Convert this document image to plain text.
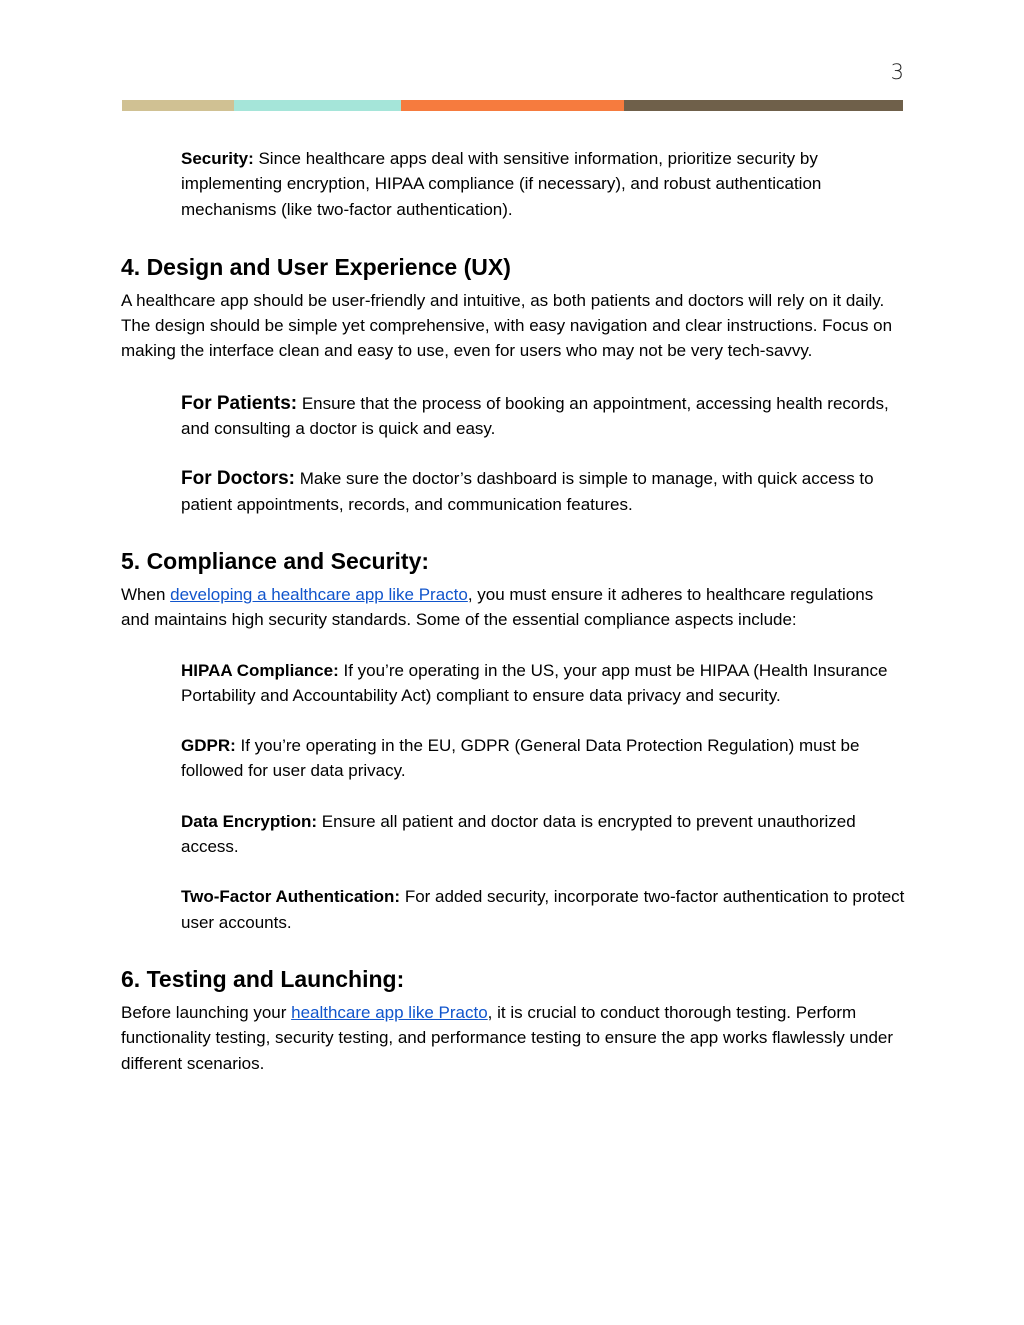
3

Security: Since healthcare apps deal with sensitive information, prioritize security by implementing encryption, HIPAA compliance (if necessary), and robust authentication mechanisms (like two-factor authentication).

4. Design and User Experience (UX)

A healthcare app should be user-friendly and intuitive, as both patients and doctors will rely on it daily. The design should be simple yet comprehensive, with easy navigation and clear instructions. Focus on making the interface clean and easy to use, even for users who may not be very tech-savvy.

For Patients: Ensure that the process of booking an appointment, accessing health records, and consulting a doctor is quick and easy.

For Doctors: Make sure the doctor’s dashboard is simple to manage, with quick access to patient appointments, records, and communication features.

5. Compliance and Security:

When developing a healthcare app like Practo, you must ensure it adheres to healthcare regulations and maintains high security standards. Some of the essential compliance aspects include:

HIPAA Compliance: If you’re operating in the US, your app must be HIPAA (Health Insurance Portability and Accountability Act) compliant to ensure data privacy and security.

GDPR: If you’re operating in the EU, GDPR (General Data Protection Regulation) must be followed for user data privacy.

Data Encryption: Ensure all patient and doctor data is encrypted to prevent unauthorized access.

Two-Factor Authentication: For added security, incorporate two-factor authentication to protect user accounts.

6. Testing and Launching:

Before launching your healthcare app like Practo, it is crucial to conduct thorough testing. Perform functionality testing, security testing, and performance testing to ensure the app works flawlessly under different scenarios.
